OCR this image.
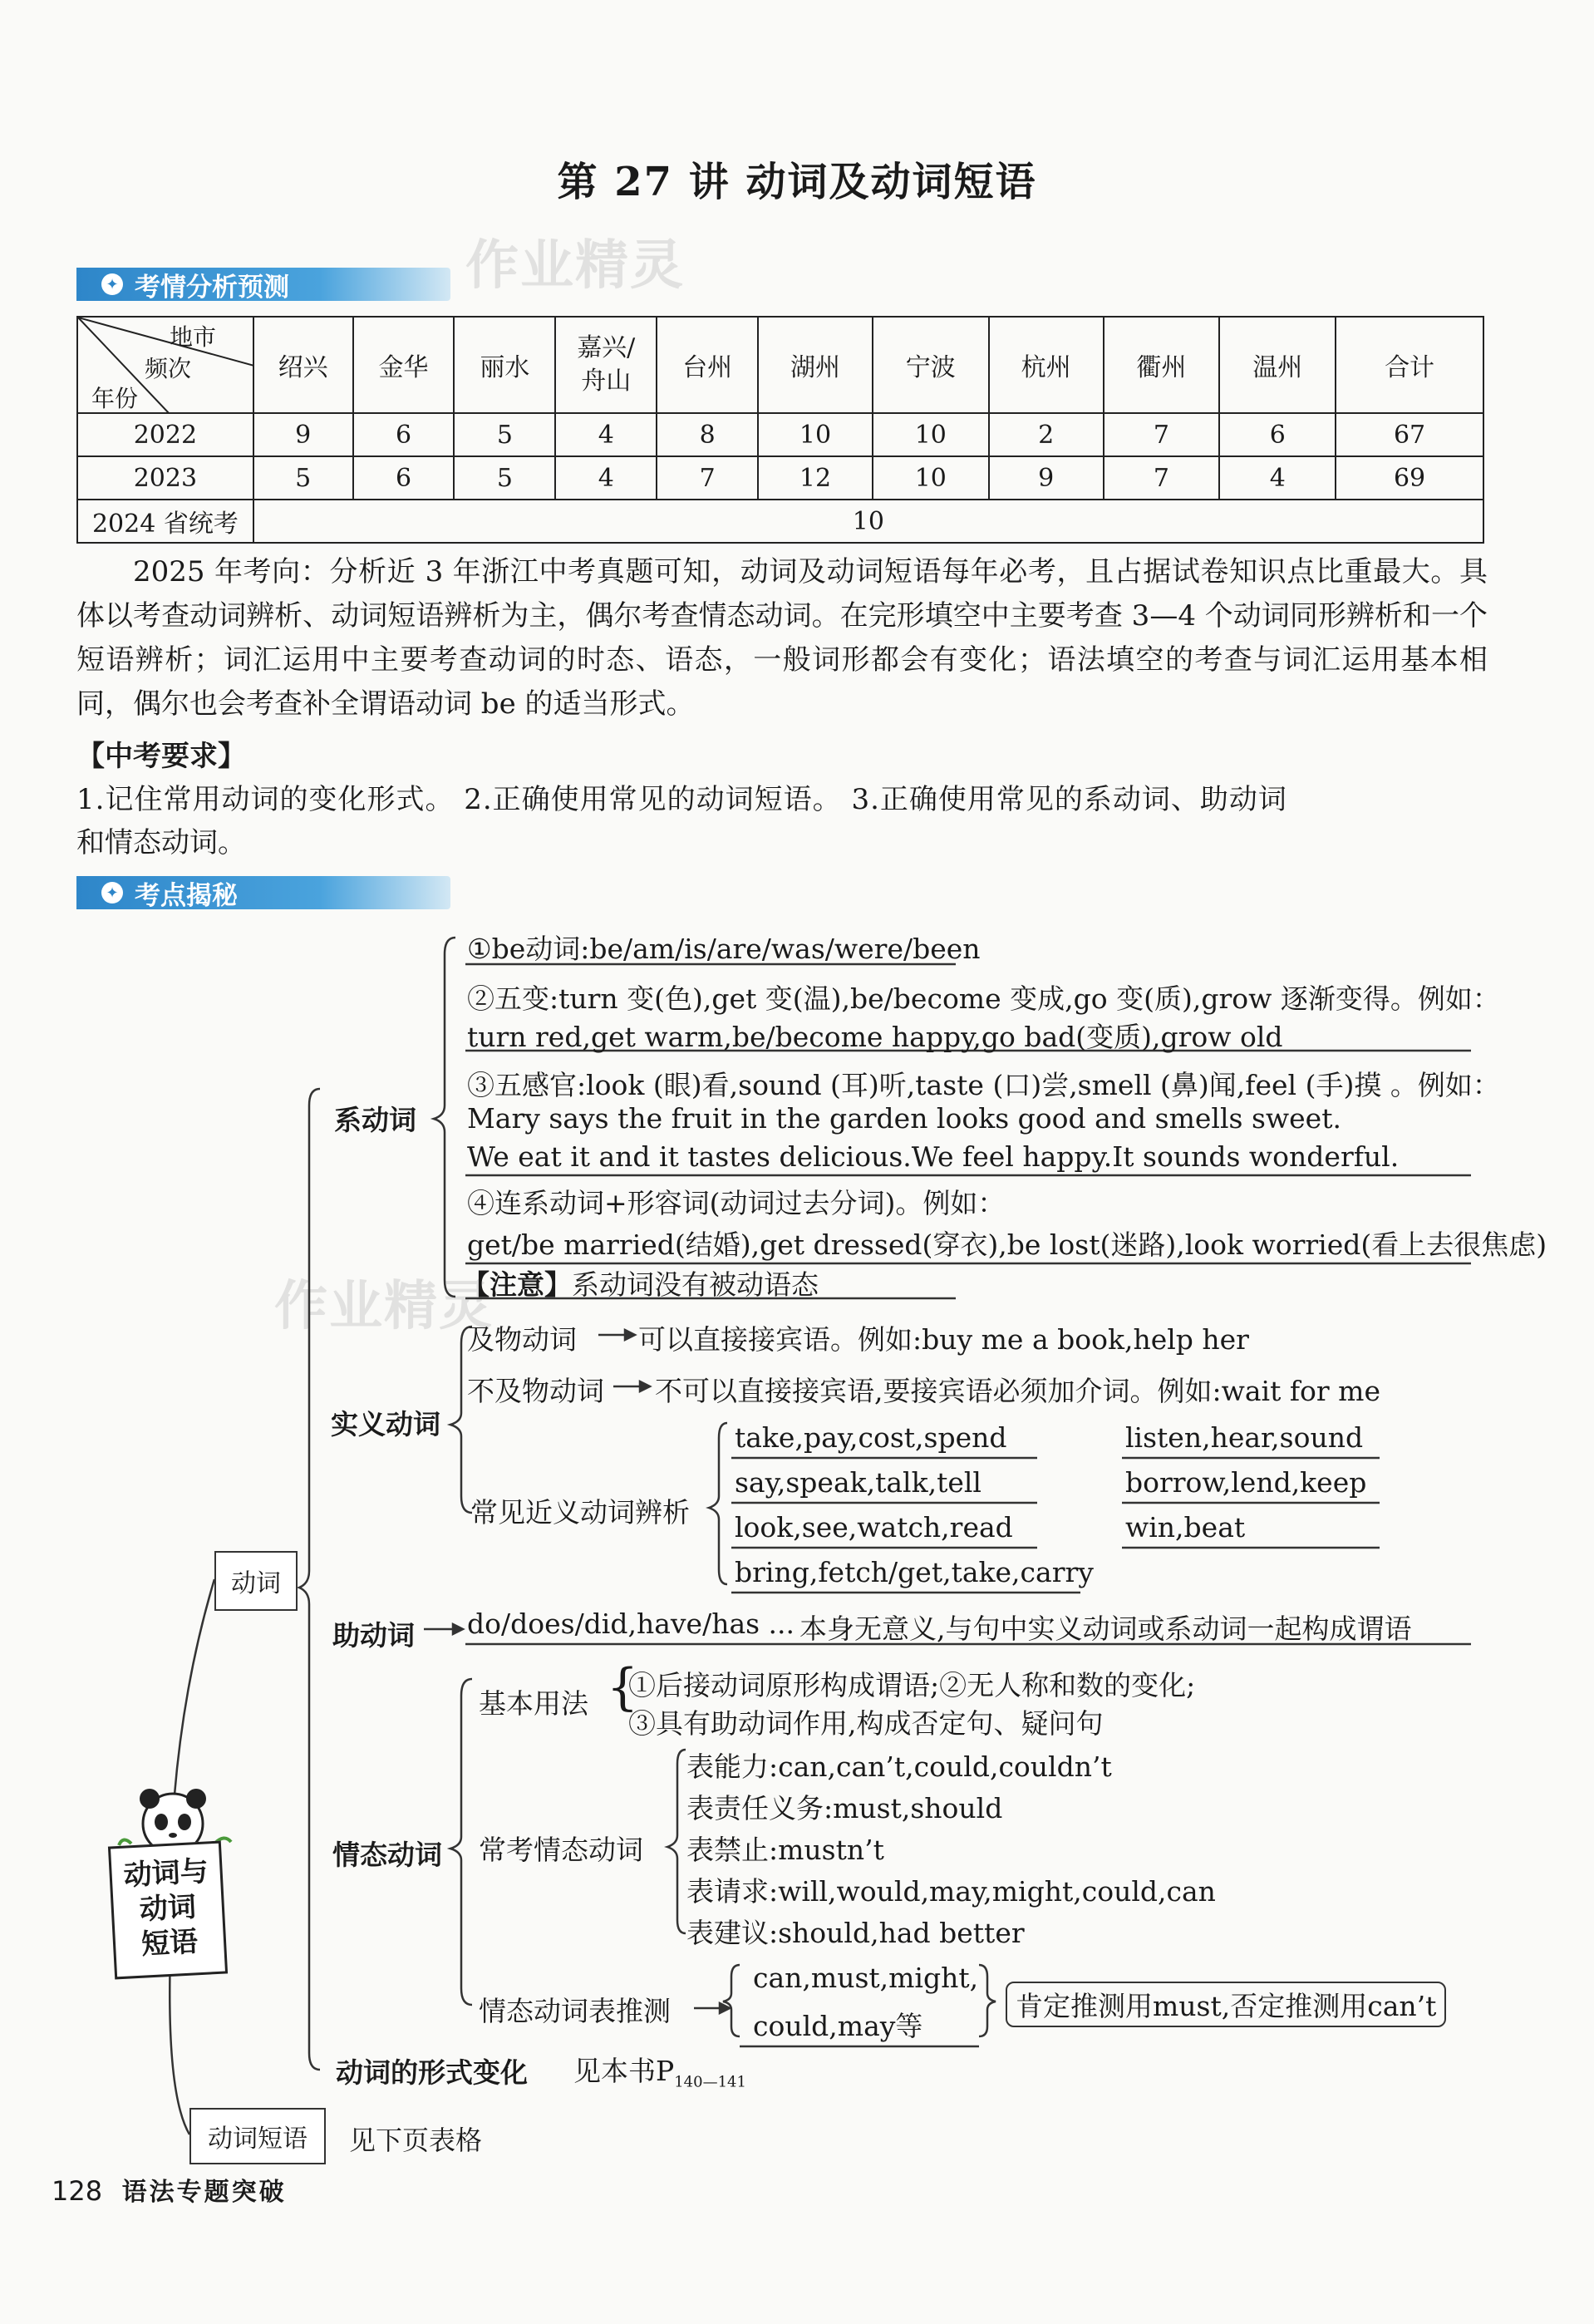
第 27 讲 动词及动词短语
作业精灵
作业精灵
✦ 考情分析预测
地市
频次
年份	绍兴	金华	丽水	嘉兴/舟山	台州	湖州	宁波	杭州	衢州	温州	合计
2022	9	6	5	4	8	10	10	2	7	6	67
2023	5	6	5	4	7	12	10	9	7	4	69
2024 省统考	10										

2025 年考向：分析近 3 年浙江中考真题可知，动词及动词短语每年必考，且占据试卷知识点比重最大。具体以考查动词辨析、动词短语辨析为主，偶尔考查情态动词。在完形填空中主要考查 3—4 个动词同形辨析和一个短语辨析；词汇运用中主要考查动词的时态、语态，一般词形都会有变化；语法填空的考查与词汇运用基本相同，偶尔也会考查补全谓语动词 be 的适当形式。

【中考要求】
1.记住常用动词的变化形式。 2.正确使用常见的动词短语。 3.正确使用常见的系动词、助动词
和情态动词。
✦ 考点揭秘
动词与
动词
短语
动词
动词短语	见下页表格
系动词
①be动词:be/am/is/are/was/were/been
②五变:turn 变(色),get 变(温),be/become 变成,go 变(质),grow 逐渐变得。例如：
turn red,get warm,be/become happy,go bad(变质),grow old
③五感官:look (眼)看,sound (耳)听,taste (口)尝,smell (鼻)闻,feel (手)摸 。例如：
Mary says the fruit in the garden looks good and smells sweet.
We eat it and it tastes delicious.We feel happy.It sounds wonderful.
④连系动词+形容词(动词过去分词)。例如：
get/be married(结婚),get dressed(穿衣),be lost(迷路),look worried(看上去很焦虑)
【注意】系动词没有被动语态
实义动词
及物动词 可以直接接宾语。例如:buy me a book,help her
不及物动词 不可以直接接宾语,要接宾语必须加介词。例如:wait for me
常见近义动词辨析
take,pay,cost,spend
say,speak,talk,tell
look,see,watch,read
bring,fetch/get,take,carry
listen,hear,sound
borrow,lend,keep
win,beat
助动词 do/does/did,have/has ... 本身无意义,与句中实义动词或系动词一起构成谓语
情态动词
基本用法 {
①后接动词原形构成谓语;②无人称和数的变化;
③具有助动词作用,构成否定句、疑问句
常考情态动词
表能力:can,can’t,could,couldn’t
表责任义务:must,should
表禁止:mustn’t
表请求:will,would,may,might,could,can
表建议:should,had better
情态动词表推测
can,must,might,
could,may等
肯定推测用must,否定推测用can’t
动词的形式变化 见本书$P_{140—141}$
128 语法专题突破
